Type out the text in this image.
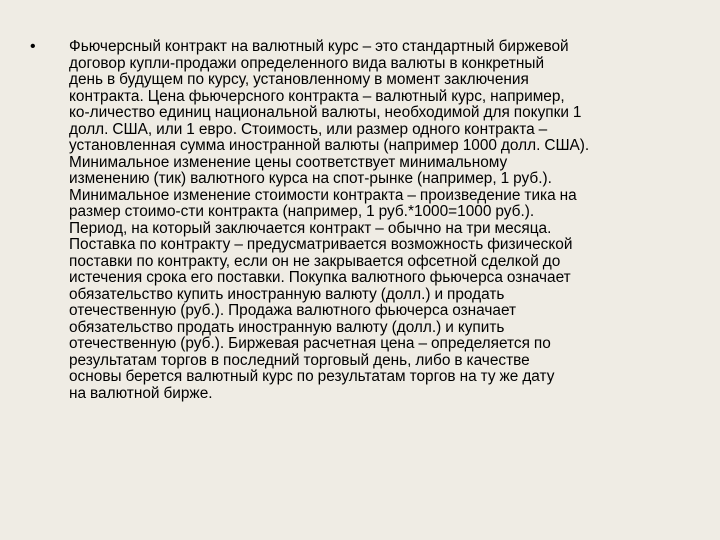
• Фьючерсный контракт на валютный курс – это стандартный биржевой
договор купли-продажи определенного вида валюты в конкретный
день в будущем по курсу, установленному в момент заключения
контракта. Цена фьючерсного контракта – валютный курс, например,
ко-личество единиц национальной валюты, необходимой для покупки 1
долл. США, или 1 евро. Стоимость, или размер одного контракта –
установленная сумма иностранной валюты (например 1000 долл. США).
Минимальное изменение цены соответствует минимальному
изменению (тик) валютного курса на спот-рынке (например, 1 руб.).
Минимальное изменение стоимости контракта – произведение тика на
размер стоимо-сти контракта (например, 1 руб.*1000=1000 руб.).
Период, на который заключается контракт – обычно на три месяца.
Поставка по контракту – предусматривается возможность физической
поставки по контракту, если он не закрывается офсетной сделкой до
истечения срока его поставки. Покупка валютного фьючерса означает
обязательство купить иностранную валюту (долл.) и продать
отечественную (руб.). Продажа валютного фьючерса означает
обязательство продать иностранную валюту (долл.) и купить
отечественную (руб.). Биржевая расчетная цена – определяется по
результатам торгов в последний торговый день, либо в качестве
основы берется валютный курс по результатам торгов на ту же дату
на валютной бирже.
